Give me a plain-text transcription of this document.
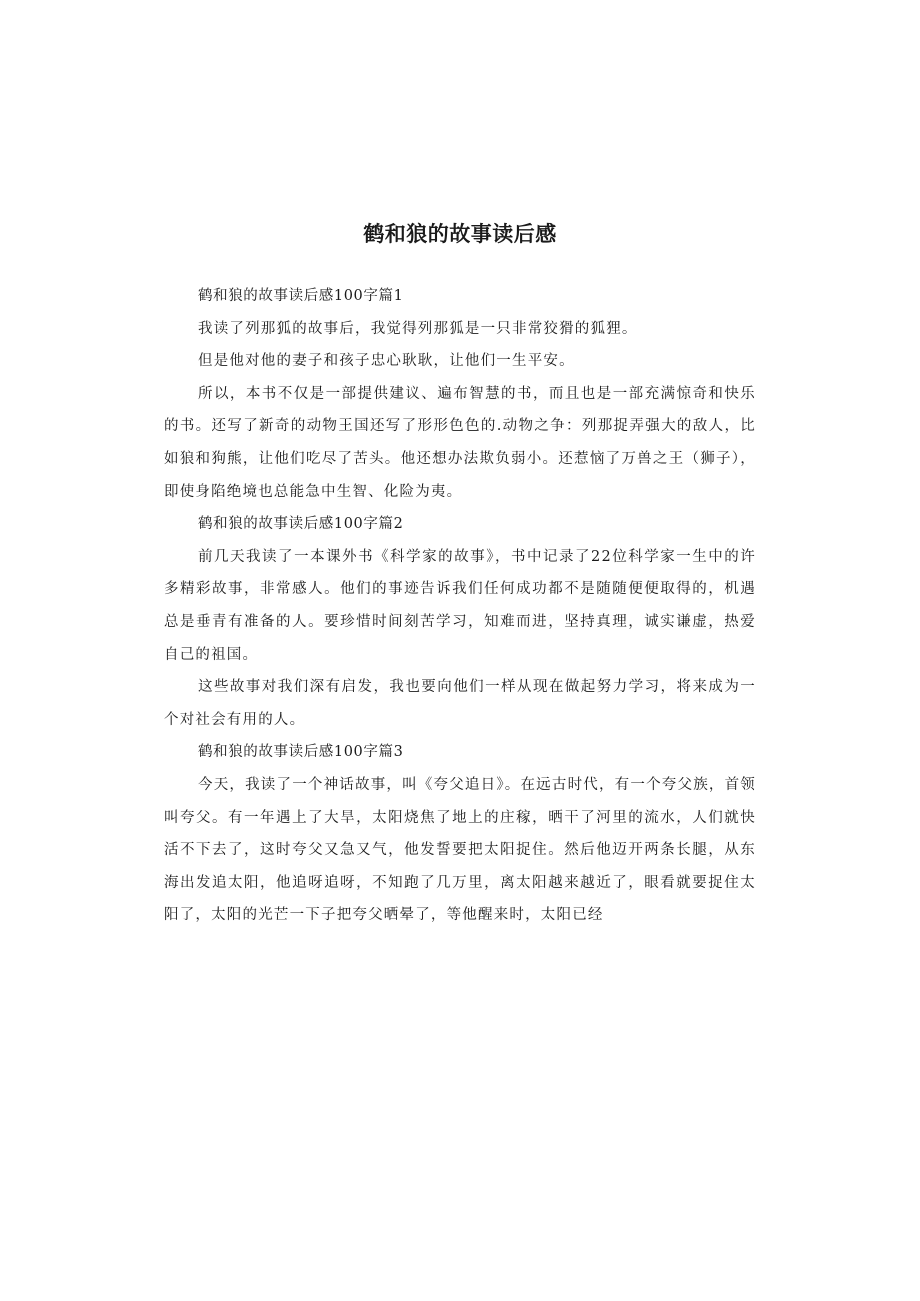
鹤和狼的故事读后感

鹤和狼的故事读后感100字篇1

我读了列那狐的故事后，我觉得列那狐是一只非常狡猾的狐狸。

但是他对他的妻子和孩子忠心耿耿，让他们一生平安。

所以，本书不仅是一部提供建议、遍布智慧的书，而且也是一部充满惊奇和快乐的书。还写了新奇的动物王国还写了形形色色的.动物之争：列那捉弄强大的敌人，比如狼和狗熊，让他们吃尽了苦头。他还想办法欺负弱小。还惹恼了万兽之王（狮子），即使身陷绝境也总能急中生智、化险为夷。

鹤和狼的故事读后感100字篇2

前几天我读了一本课外书《科学家的故事》，书中记录了22位科学家一生中的许多精彩故事，非常感人。他们的事迹告诉我们任何成功都不是随随便便取得的，机遇总是垂青有准备的人。要珍惜时间刻苦学习，知难而进，坚持真理，诚实谦虚，热爱自己的祖国。

这些故事对我们深有启发，我也要向他们一样从现在做起努力学习，将来成为一个对社会有用的人。

鹤和狼的故事读后感100字篇3

今天，我读了一个神话故事，叫《夸父追日》。在远古时代，有一个夸父族，首领叫夸父。有一年遇上了大旱，太阳烧焦了地上的庄稼，晒干了河里的流水，人们就快活不下去了，这时夸父又急又气，他发誓要把太阳捉住。然后他迈开两条长腿，从东海出发追太阳，他追呀追呀，不知跑了几万里，离太阳越来越近了，眼看就要捉住太阳了，太阳的光芒一下子把夸父晒晕了，等他醒来时，太阳已经
